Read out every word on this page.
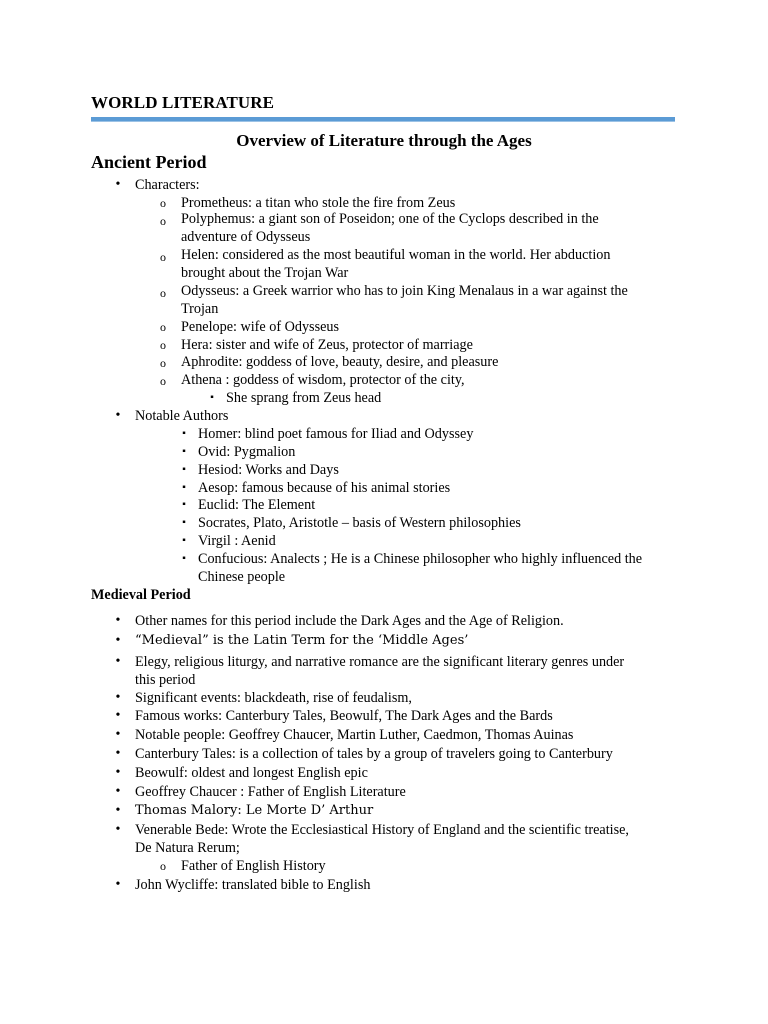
WORLD LITERATURE
Overview of Literature through the Ages
Ancient Period
• Characters:
o Prometheus: a titan who stole the fire from Zeus
o Polyphemus: a giant son of Poseidon; one of the Cyclops described in the
adventure of Odysseus
o Helen: considered as the most beautiful woman in the world. Her abduction
brought about the Trojan War
o Odysseus: a Greek warrior who has to join King Menalaus in a war against the
Trojan
o Penelope: wife of Odysseus
o Hera: sister and wife of Zeus, protector of marriage
o Aphrodite: goddess of love, beauty, desire, and pleasure
o Athena : goddess of wisdom, protector of the city,
▪ She sprang from Zeus head
• Notable Authors
▪ Homer: blind poet famous for Iliad and Odyssey
▪ Ovid: Pygmalion
▪ Hesiod: Works and Days
▪ Aesop: famous because of his animal stories
▪ Euclid: The Element
▪ Socrates, Plato, Aristotle – basis of Western philosophies
▪ Virgil : Aenid
▪ Confucious: Analects ; He is a Chinese philosopher who highly influenced the
Chinese people
Medieval Period
• Other names for this period include the Dark Ages and the Age of Religion.
• “Medieval” is the Latin Term for the ‘Middle Ages’
• Elegy, religious liturgy, and narrative romance are the significant literary genres under
this period
• Significant events: blackdeath, rise of feudalism,
• Famous works: Canterbury Tales, Beowulf, The Dark Ages and the Bards
• Notable people: Geoffrey Chaucer, Martin Luther, Caedmon, Thomas Auinas
• Canterbury Tales: is a collection of tales by a group of travelers going to Canterbury
• Beowulf: oldest and longest English epic
• Geoffrey Chaucer : Father of English Literature
• Thomas Malory: Le Morte D’ Arthur
• Venerable Bede: Wrote the Ecclesiastical History of England and the scientific treatise,
De Natura Rerum;
o Father of English History
• John Wycliffe: translated bible to English
